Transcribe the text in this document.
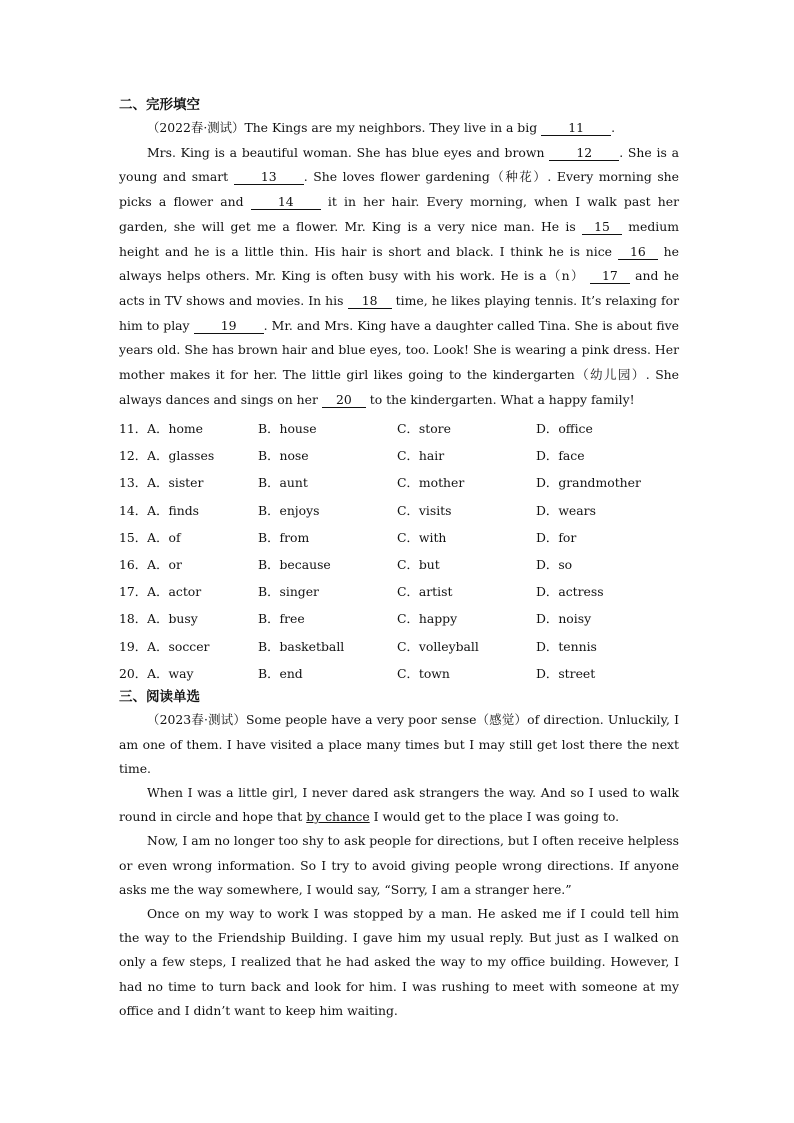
二、完形填空
（2022春·测试）The Kings are my neighbors. They live in a big 11 .
Mrs. King is a beautiful woman. She has blue eyes and brown 12 . She is a young and smart 13 . She loves flower gardening（种花）. Every morning she picks a flower and 14 it in her hair. Every morning, when I walk past her garden, she will get me a flower. Mr. King is a very nice man. He is 15 medium height and he is a little thin. His hair is short and black. I think he is nice 16 he always helps others. Mr. King is often busy with his work. He is a（n） 17 and he acts in TV shows and movies. In his 18 time, he likes playing tennis. It’s relaxing for him to play 19 . Mr. and Mrs. King have a daughter called Tina. She is about five years old. She has brown hair and blue eyes, too. Look! She is wearing a pink dress. Her mother makes it for her. The little girl likes going to the kindergarten（幼儿园）. She always dances and sings on her 20 to the kindergarten. What a happy family!
11．A．home	B．house	C．store	D．office
12．A．glasses	B．nose	C．hair	D．face
13．A．sister	B．aunt	C．mother	D．grandmother
14．A．finds	B．enjoys	C．visits	D．wears
15．A．of	B．from	C．with	D．for
16．A．or	B．because	C．but	D．so
17．A．actor	B．singer	C．artist	D．actress
18．A．busy	B．free	C．happy	D．noisy
19．A．soccer	B．basketball	C．volleyball	D．tennis
20．A．way	B．end	C．town	D．street
三、阅读单选
（2023春·测试）Some people have a very poor sense（感觉）of direction. Unluckily, I am one of them. I have visited a place many times but I may still get lost there the next time.
When I was a little girl, I never dared ask strangers the way. And so I used to walk round in circle and hope that by chance I would get to the place I was going to.
Now, I am no longer too shy to ask people for directions, but I often receive helpless or even wrong information. So I try to avoid giving people wrong directions. If anyone asks me the way somewhere, I would say, “Sorry, I am a stranger here.”
Once on my way to work I was stopped by a man. He asked me if I could tell him the way to the Friendship Building. I gave him my usual reply. But just as I walked on only a few steps, I realized that he had asked the way to my office building. However, I had no time to turn back and look for him. I was rushing to meet with someone at my office and I didn’t want to keep him waiting.
